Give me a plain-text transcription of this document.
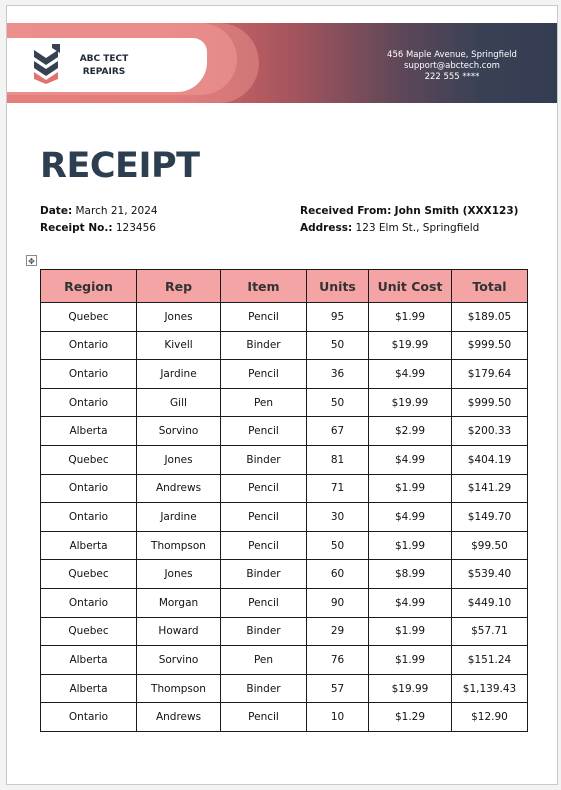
ABC TECT
REPAIRS
456 Maple Avenue, Springfield
support@abctech.com
222 555 ****
RECEIPT
Date: March 21, 2024
Receipt No.: 123456
Received From: John Smith (XXX123)
Address: 123 Elm St., Springfield
✥
Region	Rep	Item	Units	Unit Cost	Total
Quebec	Jones	Pencil	95	$1.99	$189.05
Ontario	Kivell	Binder	50	$19.99	$999.50
Ontario	Jardine	Pencil	36	$4.99	$179.64
Ontario	Gill	Pen	50	$19.99	$999.50
Alberta	Sorvino	Pencil	67	$2.99	$200.33
Quebec	Jones	Binder	81	$4.99	$404.19
Ontario	Andrews	Pencil	71	$1.99	$141.29
Ontario	Jardine	Pencil	30	$4.99	$149.70
Alberta	Thompson	Pencil	50	$1.99	$99.50
Quebec	Jones	Binder	60	$8.99	$539.40
Ontario	Morgan	Pencil	90	$4.99	$449.10
Quebec	Howard	Binder	29	$1.99	$57.71
Alberta	Sorvino	Pen	76	$1.99	$151.24
Alberta	Thompson	Binder	57	$19.99	$1,139.43
Ontario	Andrews	Pencil	10	$1.29	$12.90
